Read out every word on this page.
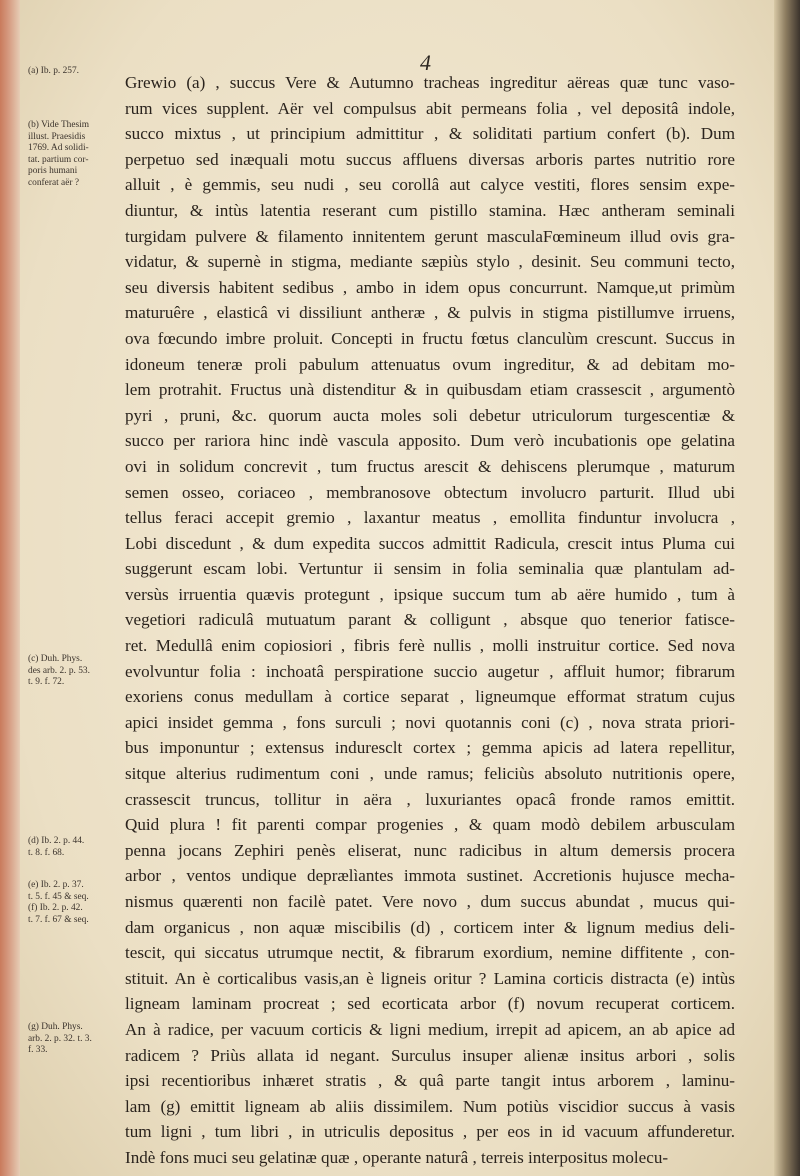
4
(a) Ib. p. 257.
(b) Vide Thesim
illust. Praesidis
1769. Ad solidi-
tat. partium cor-
poris humani
conferat aër ?
(c) Duh. Phys.
des arb. 2. p. 53.
t. 9. f. 72.
(d) Ib. 2. p. 44.
t. 8. f. 68.
(e) Ib. 2. p. 37.
t. 5. f. 45 & seq.
(f) Ib. 2. p. 42.
t. 7. f. 67 & seq.
(g) Duh. Phys.
arb. 2. p. 32. t. 3.
f. 33.
Grewio (a) , succus Vere & Autumno tracheas ingreditur aëreas quæ tunc vaso-
rum vices supplent. Aër vel compulsus abit permeans folia , vel depositâ indole,
succo mixtus , ut principium admittitur , & soliditati partium confert (b). Dum
perpetuo sed inæquali motu succus affluens diversas arboris partes nutritio rore
alluit , è gemmis, seu nudi , seu corollâ aut calyce vestiti, flores sensim expe-
diuntur, & intùs latentia reserant cum pistillo stamina. Hæc antheram seminali
turgidam pulvere & filamento innitentem gerunt masculaFœmineum illud ovis gra-
vidatur, & supernè in stigma, mediante sæpiùs stylo , desinit. Seu communi tecto,
seu diversis habitent sedibus , ambo in idem opus concurrunt. Namque,ut primùm
maturuêre , elasticâ vi dissiliunt antheræ , & pulvis in stigma pistillumve irruens,
ova fœcundo imbre proluit. Concepti in fructu fœtus clanculùm crescunt. Succus in
idoneum teneræ proli pabulum attenuatus ovum ingreditur, & ad debitam mo-
lem protrahit. Fructus unà distenditur & in quibusdam etiam crassescit , argumentò
pyri , pruni, &c. quorum aucta moles soli debetur utriculorum turgescentiæ &
succo per rariora hinc indè vascula apposito. Dum verò incubationis ope gelatina
ovi in solidum concrevit , tum fructus arescit & dehiscens plerumque , maturum
semen osseo, coriaceo , membranosove obtectum involucro parturit. Illud ubi
tellus feraci accepit gremio , laxantur meatus , emollita finduntur involucra ,
Lobi discedunt , & dum expedita succos admittit Radicula, crescit intus Pluma cui
suggerunt escam lobi. Vertuntur ii sensim in folia seminalia quæ plantulam ad-
versùs irruentia quævis protegunt , ipsique succum tum ab aëre humido , tum à
vegetiori radiculâ mutuatum parant & colligunt , absque quo tenerior fatisce-
ret. Medullâ enim copiosiori , fibris ferè nullis , molli instruitur cortice. Sed nova
evolvuntur folia : inchoatâ perspiratione succio augetur , affluit humor; fibrarum
exoriens conus medullam à cortice separat , ligneumque efformat stratum cujus
apici insidet gemma , fons surculi ; novi quotannis coni (c) , nova strata priori-
bus imponuntur ; extensus induresclt cortex ; gemma apicis ad latera repellitur,
sitque alterius rudimentum coni , unde ramus; feliciùs absoluto nutritionis opere,
crassescit truncus, tollitur in aëra , luxuriantes opacâ fronde ramos emittit.
Quid plura ! fit parenti compar progenies , & quam modò debilem arbusculam
penna jocans Zephiri penès eliserat, nunc radicibus in altum demersis procera
arbor , ventos undique deprælìantes immota sustinet. Accretionis hujusce mecha-
nismus quærenti non facilè patet. Vere novo , dum succus abundat , mucus qui-
dam organicus , non aquæ miscibilis (d) , corticem inter & lignum medius deli-
tescit, qui siccatus utrumque nectit, & fibrarum exordium, nemine diffitente , con-
stituit. An è corticalibus vasis,an è ligneis oritur ? Lamina corticis distracta (e) intùs
ligneam laminam procreat ; sed ecorticata arbor (f) novum recuperat corticem.
An à radice, per vacuum corticis & ligni medium, irrepit ad apicem, an ab apice ad
radicem ? Priùs allata id negant. Surculus insuper alienæ insitus arbori , solis
ipsi recentioribus inhæret stratis , & quâ parte tangit intus arborem , laminu-
lam (g) emittit ligneam ab aliis dissimilem. Num potiùs viscidior succus à vasis
tum ligni , tum libri , in utriculis depositus , per eos in id vacuum affunderetur.
Indè fons muci seu gelatinæ quæ , operante naturâ , terreis interpositus molecu-
